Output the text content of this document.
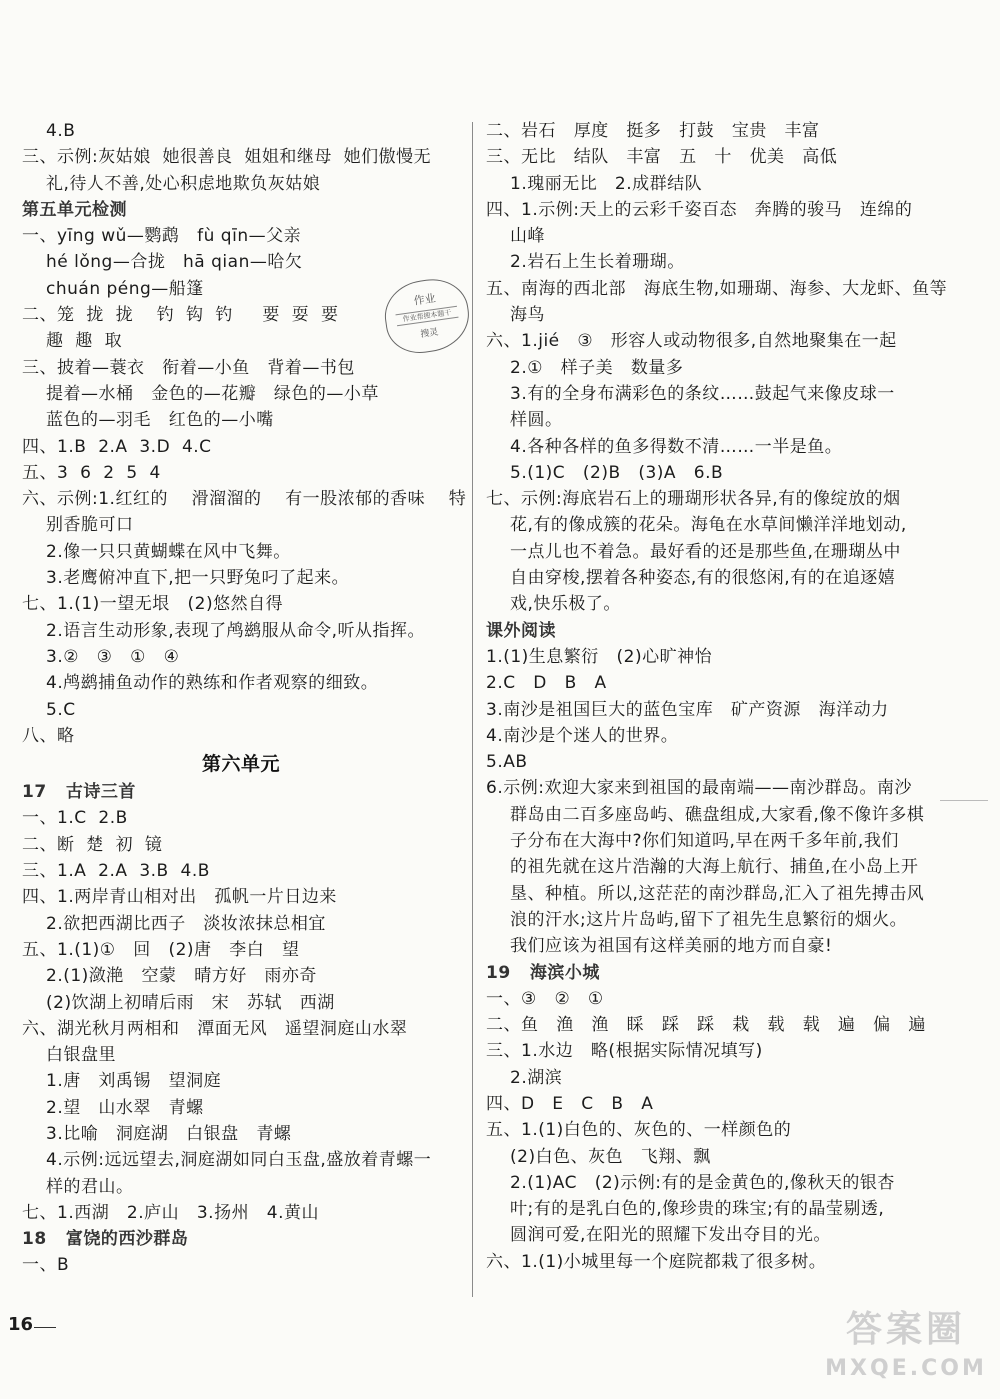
4.B
三、示例:灰姑娘  她很善良  姐姐和继母  她们傲慢无
礼,待人不善,处心积虑地欺负灰姑娘
第五单元检测
一、yīng wǔ—鹦鹉   fù qīn—父亲
hé lǒng—合拢   hā qian—哈欠
chuán péng—船篷
二、笼  拢  拢    钓  钩  钓     要  耍  要
趣  趣  取
三、披着—蓑衣   衔着—小鱼   背着—书包
提着—水桶   金色的—花瓣   绿色的—小草
蓝色的—羽毛   红色的—小嘴
四、1.B  2.A  3.D  4.C
五、3  6  2  5  4
六、示例:1.红红的    滑溜溜的    有一股浓郁的香味    特
别香脆可口
2.像一只只黄蝴蝶在风中飞舞。
3.老鹰俯冲直下,把一只野兔叼了起来。
七、1.(1)一望无垠   (2)悠然自得
2.语言生动形象,表现了鸬鹚服从命令,听从指挥。
3.②   ③   ①   ④
4.鸬鹚捕鱼动作的熟练和作者观察的细致。
5.C
八、略
第六单元
17   古诗三首
一、1.C  2.B
二、断  楚  初  镜
三、1.A  2.A  3.B  4.B
四、1.两岸青山相对出   孤帆一片日边来
2.欲把西湖比西子   淡妆浓抹总相宜
五、1.(1)①   回   (2)唐   李白   望
2.(1)潋滟   空蒙   晴方好   雨亦奇
(2)饮湖上初晴后雨   宋   苏轼   西湖
六、湖光秋月两相和   潭面无风   遥望洞庭山水翠
白银盘里
1.唐   刘禹锡   望洞庭
2.望   山水翠   青螺
3.比喻   洞庭湖   白银盘   青螺
4.示例:远远望去,洞庭湖如同白玉盘,盛放着青螺一
样的君山。
七、1.西湖   2.庐山   3.扬州   4.黄山
18   富饶的西沙群岛
一、B
二、岩石   厚度   挺多   打鼓   宝贵   丰富
三、无比   结队   丰富   五   十   优美   高低
1.瑰丽无比   2.成群结队
四、1.示例:天上的云彩千姿百态   奔腾的骏马   连绵的
山峰
2.岩石上生长着珊瑚。
五、南海的西北部   海底生物,如珊瑚、海参、大龙虾、鱼等
海鸟
六、1.jié   ③   形容人或动物很多,自然地聚集在一起
2.①   样子美   数量多
3.有的全身布满彩色的条纹……鼓起气来像皮球一
样圆。
4.各种各样的鱼多得数不清……一半是鱼。
5.(1)C   (2)B   (3)A   6.B
七、示例:海底岩石上的珊瑚形状各异,有的像绽放的烟
花,有的像成簇的花朵。海龟在水草间懒洋洋地划动,
一点儿也不着急。最好看的还是那些鱼,在珊瑚丛中
自由穿梭,摆着各种姿态,有的很悠闲,有的在追逐嬉
戏,快乐极了。
课外阅读
1.(1)生息繁衍   (2)心旷神怡
2.C   D   B   A
3.南沙是祖国巨大的蓝色宝库   矿产资源   海洋动力
4.南沙是个迷人的世界。
5.AB
6.示例:欢迎大家来到祖国的最南端——南沙群岛。南沙
群岛由二百多座岛屿、礁盘组成,大家看,像不像许多棋
子分布在大海中?你们知道吗,早在两千多年前,我们
的祖先就在这片浩瀚的大海上航行、捕鱼,在小岛上开
垦、种植。所以,这茫茫的南沙群岛,汇入了祖先搏击风
浪的汗水;这片片岛屿,留下了祖先生息繁衍的烟火。
我们应该为祖国有这样美丽的地方而自豪!
19   海滨小城
一、③   ②   ①
二、鱼   渔   渔   睬   踩   踩   栽   载   载   遍   偏   遍
三、1.水边   略(根据实际情况填写)
2.湖滨
四、D   E   C   B   A
五、1.(1)白色的、灰色的、一样颜色的
(2)白色、灰色   飞翔、飘
2.(1)AC   (2)示例:有的是金黄色的,像秋天的银杏
叶;有的是乳白色的,像珍贵的珠宝;有的晶莹剔透,
圆润可爱,在阳光的照耀下发出夺目的光。
六、1.(1)小城里每一个庭院都栽了很多树。
作业
作业帮搜本题干
搜灵
16	答案圈
MXQE.COM
